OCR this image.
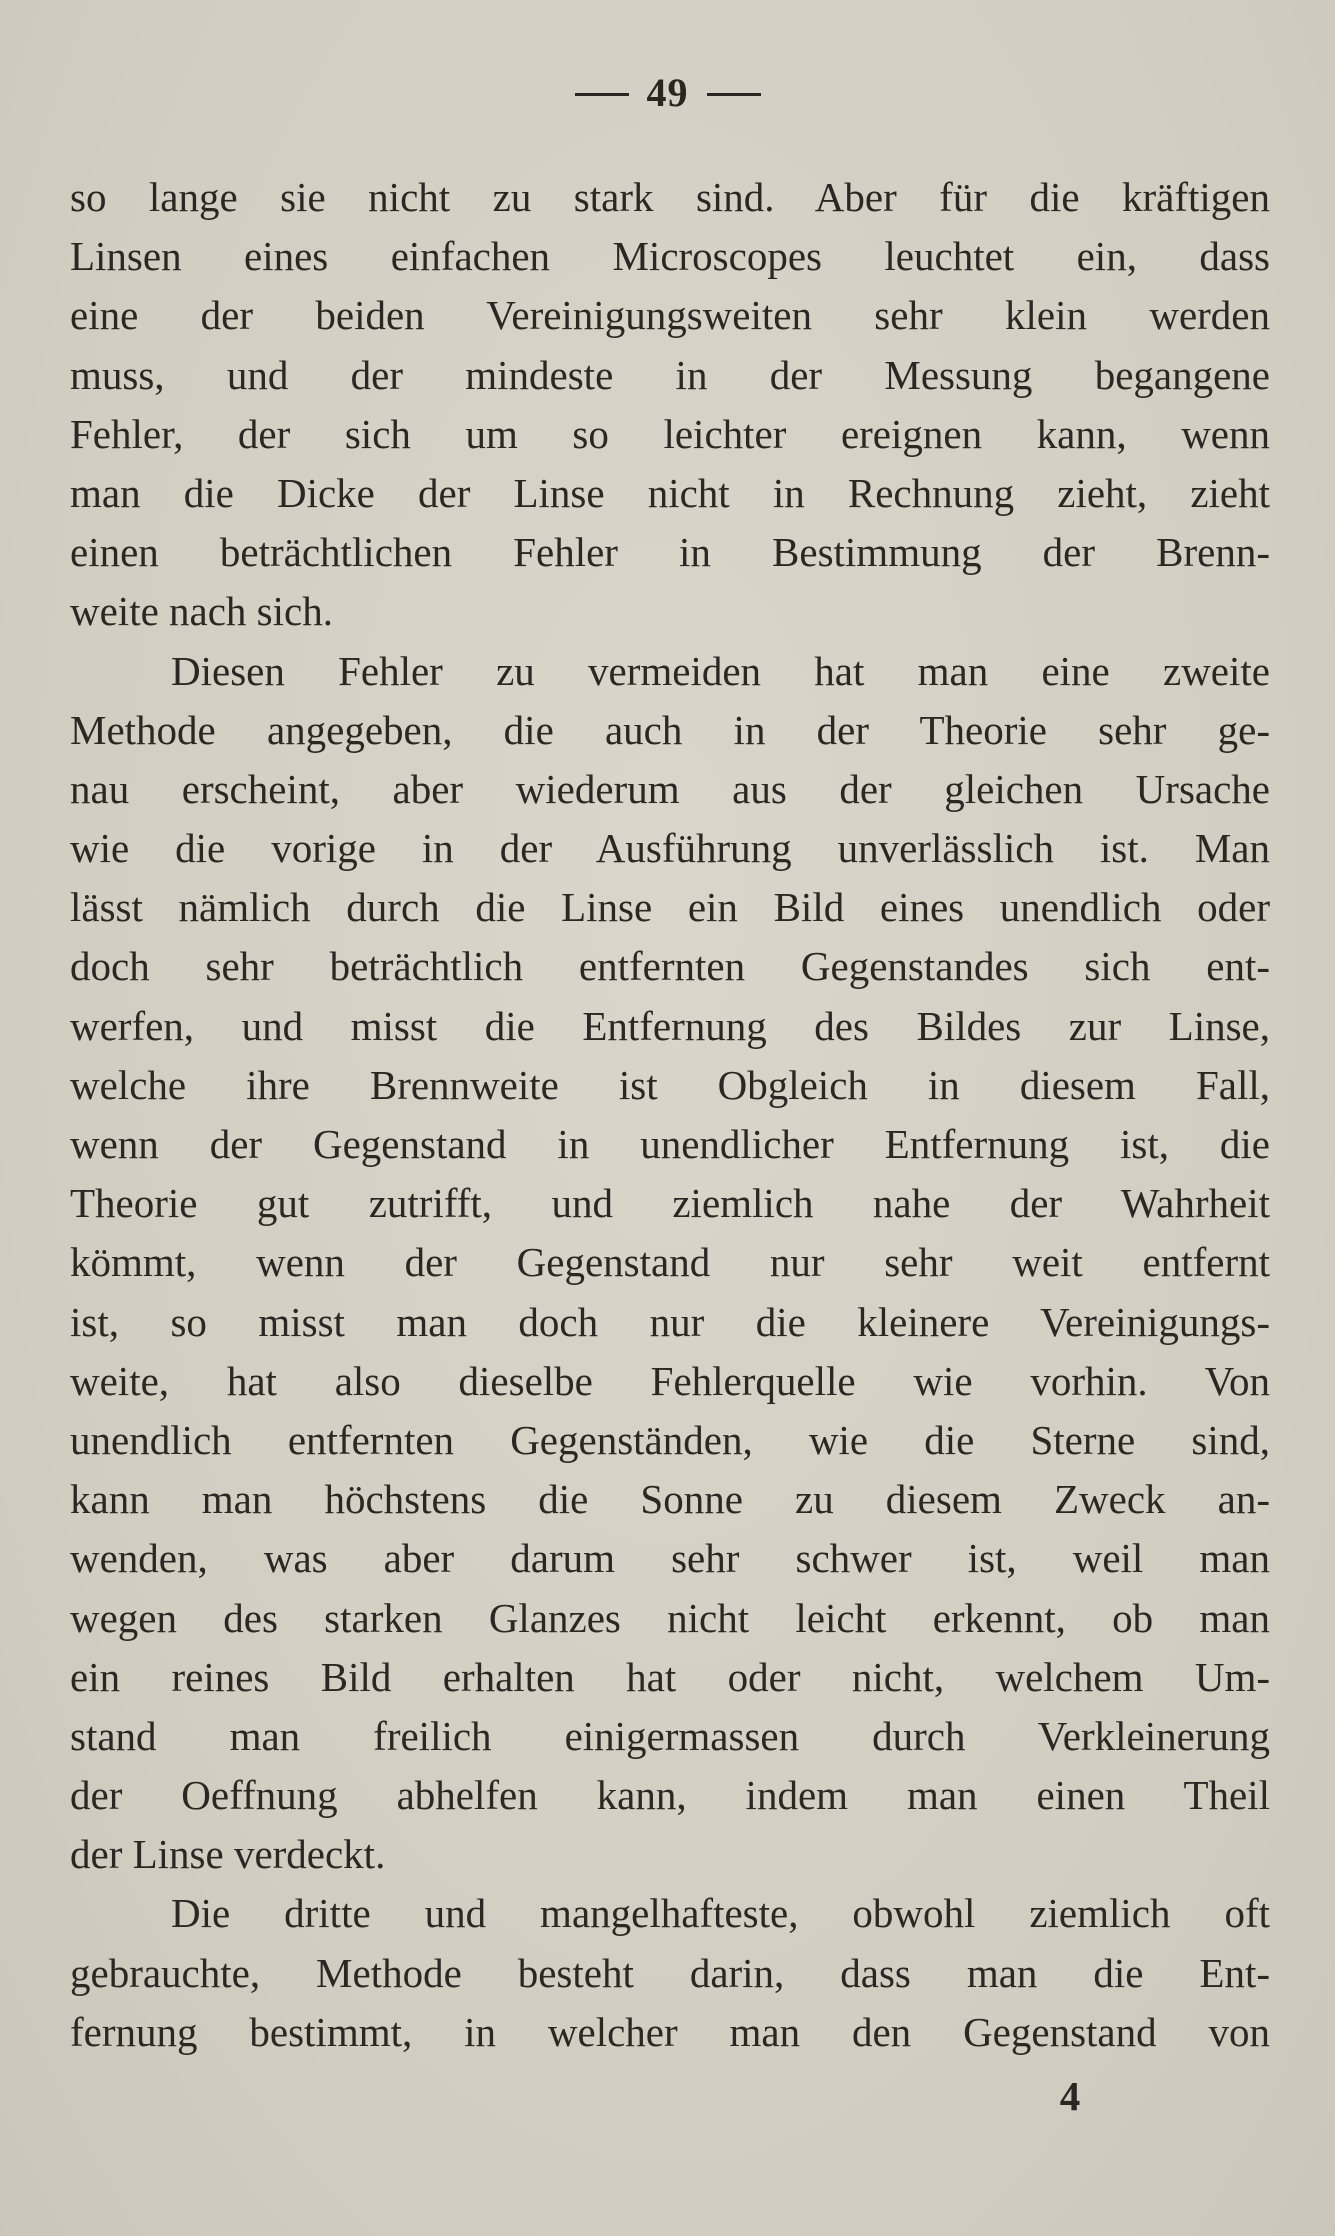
49
so lange sie nicht zu stark sind. Aber für die kräftigen
Linsen eines einfachen Microscopes leuchtet ein, dass
eine der beiden Vereinigungsweiten sehr klein werden
muss, und der mindeste in der Messung begangene
Fehler, der sich um so leichter ereignen kann, wenn
man die Dicke der Linse nicht in Rechnung zieht, zieht
einen beträchtlichen Fehler in Bestimmung der Brenn-
weite nach sich.
Diesen Fehler zu vermeiden hat man eine zweite
Methode angegeben, die auch in der Theorie sehr ge-
nau erscheint, aber wiederum aus der gleichen Ursache
wie die vorige in der Ausführung unverlässlich ist. Man
lässt nämlich durch die Linse ein Bild eines unendlich oder
doch sehr beträchtlich entfernten Gegenstandes sich ent-
werfen, und misst die Entfernung des Bildes zur Linse,
welche ihre Brennweite ist Obgleich in diesem Fall,
wenn der Gegenstand in unendlicher Entfernung ist, die
Theorie gut zutrifft, und ziemlich nahe der Wahrheit
kömmt, wenn der Gegenstand nur sehr weit entfernt
ist, so misst man doch nur die kleinere Vereinigungs-
weite, hat also dieselbe Fehlerquelle wie vorhin. Von
unendlich entfernten Gegenständen, wie die Sterne sind,
kann man höchstens die Sonne zu diesem Zweck an-
wenden, was aber darum sehr schwer ist, weil man
wegen des starken Glanzes nicht leicht erkennt, ob man
ein reines Bild erhalten hat oder nicht, welchem Um-
stand man freilich einigermassen durch Verkleinerung
der Oeffnung abhelfen kann, indem man einen Theil
der Linse verdeckt.
Die dritte und mangelhafteste, obwohl ziemlich oft
gebrauchte, Methode besteht darin, dass man die Ent-
fernung bestimmt, in welcher man den Gegenstand von
4
